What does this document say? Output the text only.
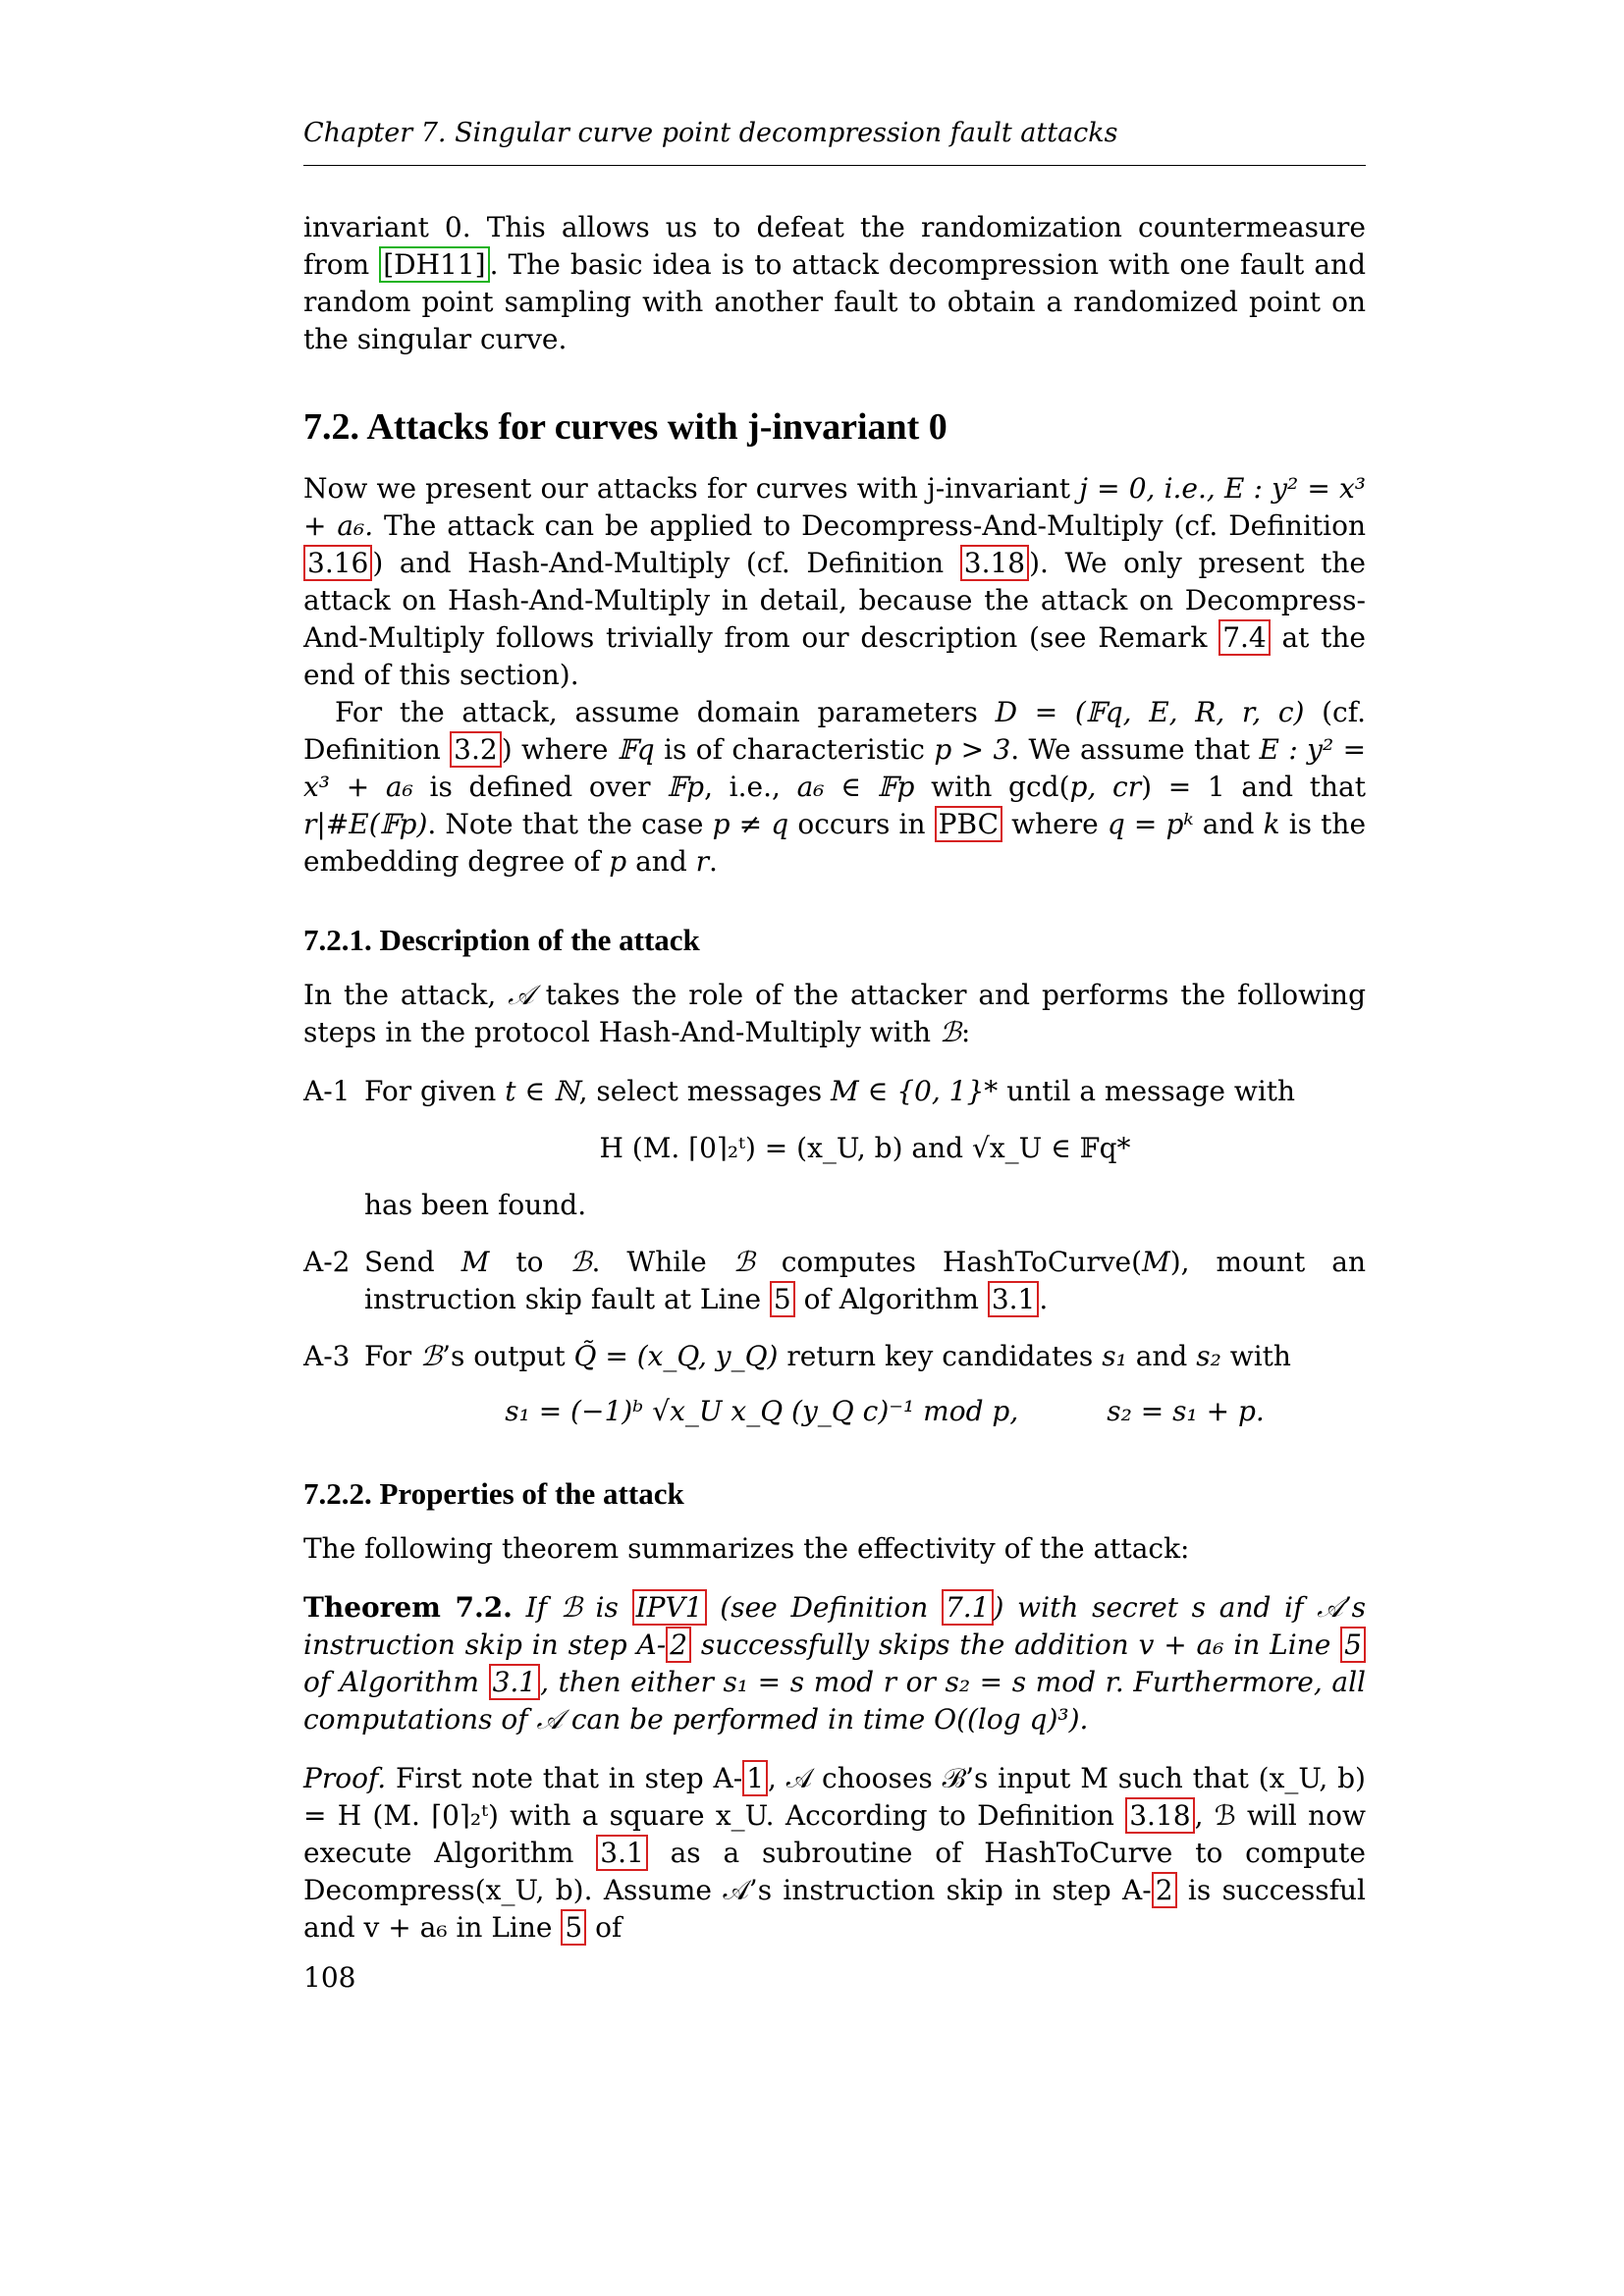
Chapter 7. Singular curve point decompression fault attacks

invariant 0. This allows us to defeat the randomization countermeasure from [DH11] . The basic idea is to attack decompression with one fault and random point sampling with another fault to obtain a randomized point on the singular curve.

7.2. Attacks for curves with j-invariant 0

Now we present our attacks for curves with j-invariant j = 0, i.e., E : y² = x³ + a₆. The attack can be applied to Decompress-And-Multiply (cf. Definition 3.16 ) and Hash-And-Multiply (cf. Definition 3.18 ). We only present the attack on Hash-And-Multiply in detail, because the attack on Decompress-And-Multiply follows trivially from our description (see Remark 7.4 at the end of this section).

For the attack, assume domain parameters D = (𝔽q, E, R, r, c) (cf. Definition 3.2 ) where 𝔽q is of characteristic p > 3. We assume that E : y² = x³ + a₆ is defined over 𝔽p, i.e., a₆ ∈ 𝔽p with gcd(p, cr) = 1 and that r|#E(𝔽p). Note that the case p ≠ q occurs in PBC where q = pᵏ and k is the embedding degree of p and r.

7.2.1. Description of the attack

In the attack, 𝒜 takes the role of the attacker and performs the following steps in the protocol Hash-And-Multiply with ℬ:

A-1 For given t ∈ ℕ, select messages M ∈ {0, 1}* until a message with
H (M. ⌈0⌉₂ᵗ) = (x_U, b) and √x_U ∈ 𝔽q*
has been found.
A-2 Send M to ℬ. While ℬ computes HashToCurve(M), mount an instruction skip fault at Line 5 of Algorithm 3.1 .
A-3 For ℬ’s output Q̃ = (x_Q, y_Q) return key candidates s₁ and s₂ with
s₁ = (−1)ᵇ √x_U x_Q (y_Q c)⁻¹ mod p,	s₂ = s₁ + p.
7.2.2. Properties of the attack

The following theorem summarizes the effectivity of the attack:

Theorem 7.2. If ℬ is IPV1 (see Definition 7.1 ) with secret s and if 𝒜’s instruction skip in step A- 2 successfully skips the addition v + a₆ in Line 5 of Algorithm 3.1 , then either s₁ = s mod r or s₂ = s mod r. Furthermore, all computations of 𝒜 can be performed in time O((log q)³).
Proof. First note that in step A- 1 , 𝒜 chooses ℬ’s input M such that (x_U, b) = H (M. ⌈0⌉₂ᵗ) with a square x_U. According to Definition 3.18 , ℬ will now execute Algorithm 3.1 as a subroutine of HashToCurve to compute Decompress(x_U, b). Assume 𝒜’s instruction skip in step A- 2 is successful and v + a₆ in Line 5 of
108
